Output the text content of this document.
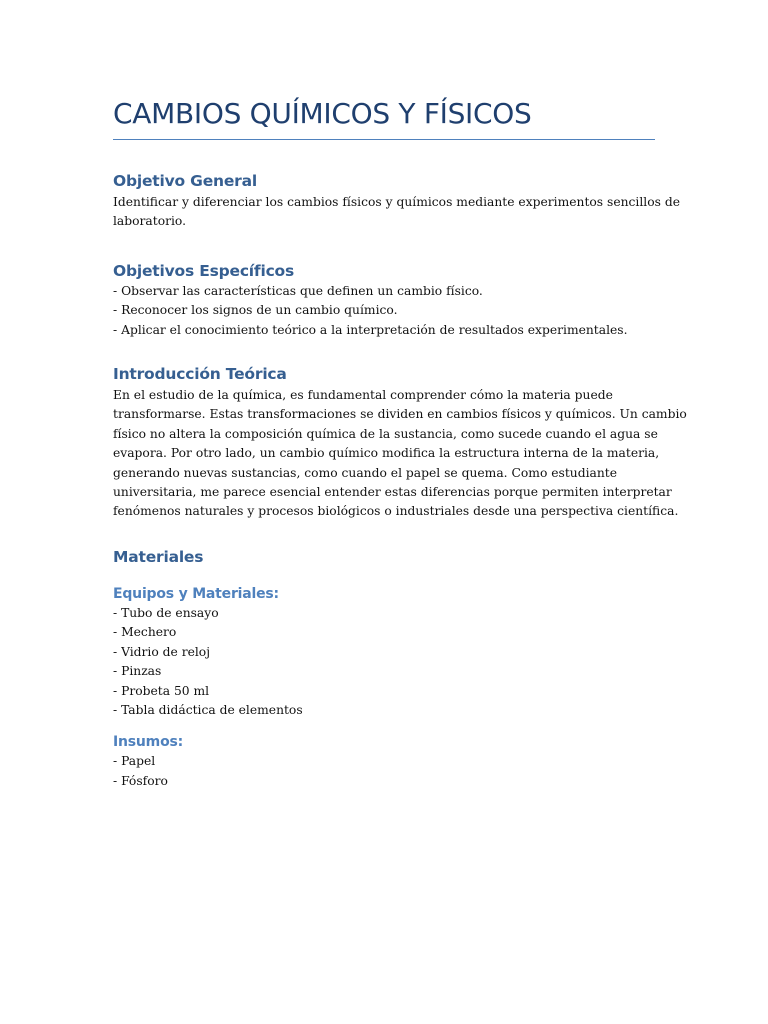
CAMBIOS QUÍMICOS Y FÍSICOS
Objetivo General

Identificar y diferenciar los cambios físicos y químicos mediante experimentos sencillos de

laboratorio.

Objetivos Específicos

- Observar las características que definen un cambio físico.

- Reconocer los signos de un cambio químico.

- Aplicar el conocimiento teórico a la interpretación de resultados experimentales.

Introducción Teórica

En el estudio de la química, es fundamental comprender cómo la materia puede

transformarse. Estas transformaciones se dividen en cambios físicos y químicos. Un cambio

físico no altera la composición química de la sustancia, como sucede cuando el agua se

evapora. Por otro lado, un cambio químico modifica la estructura interna de la materia,

generando nuevas sustancias, como cuando el papel se quema. Como estudiante

universitaria, me parece esencial entender estas diferencias porque permiten interpretar

fenómenos naturales y procesos biológicos o industriales desde una perspectiva científica.

Materiales
Equipos y Materiales:

- Tubo de ensayo

- Mechero

- Vidrio de reloj

- Pinzas

- Probeta 50 ml

- Tabla didáctica de elementos

Insumos:

- Papel

- Fósforo
